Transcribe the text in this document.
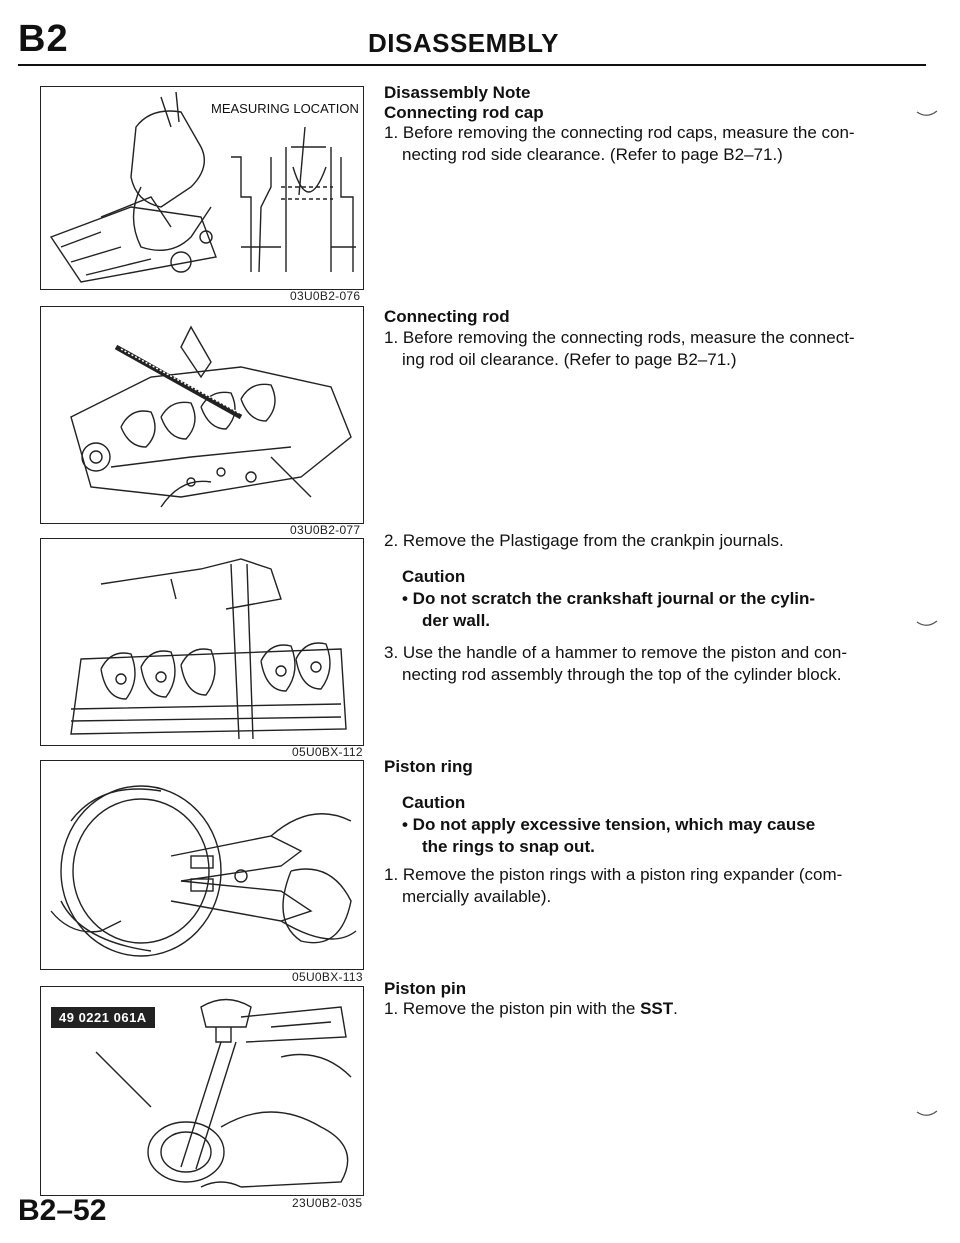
B2	DISASSEMBLY
MEASURING LOCATION
03U0B2-076
03U0B2-077
05U0BX-112
05U0BX-113
49 0221 061A
23U0B2-035
Disassembly Note
Connecting rod cap
1. Before removing the connecting rod caps, measure the con-
necting rod side clearance. (Refer to page B2–71.)
Connecting rod
1. Before removing the connecting rods, measure the connect-
ing rod oil clearance. (Refer to page B2–71.)
2. Remove the Plastigage from the crankpin journals.
Caution
• Do not scratch the crankshaft journal or the cylin-
der wall.
3. Use the handle of a hammer to remove the piston and con-
necting rod assembly through the top of the cylinder block.
Piston ring
Caution
• Do not apply excessive tension, which may cause
the rings to snap out.
1. Remove the piston rings with a piston ring expander (com-
mercially available).
Piston pin
1. Remove the piston pin with the SST.
B2–52
